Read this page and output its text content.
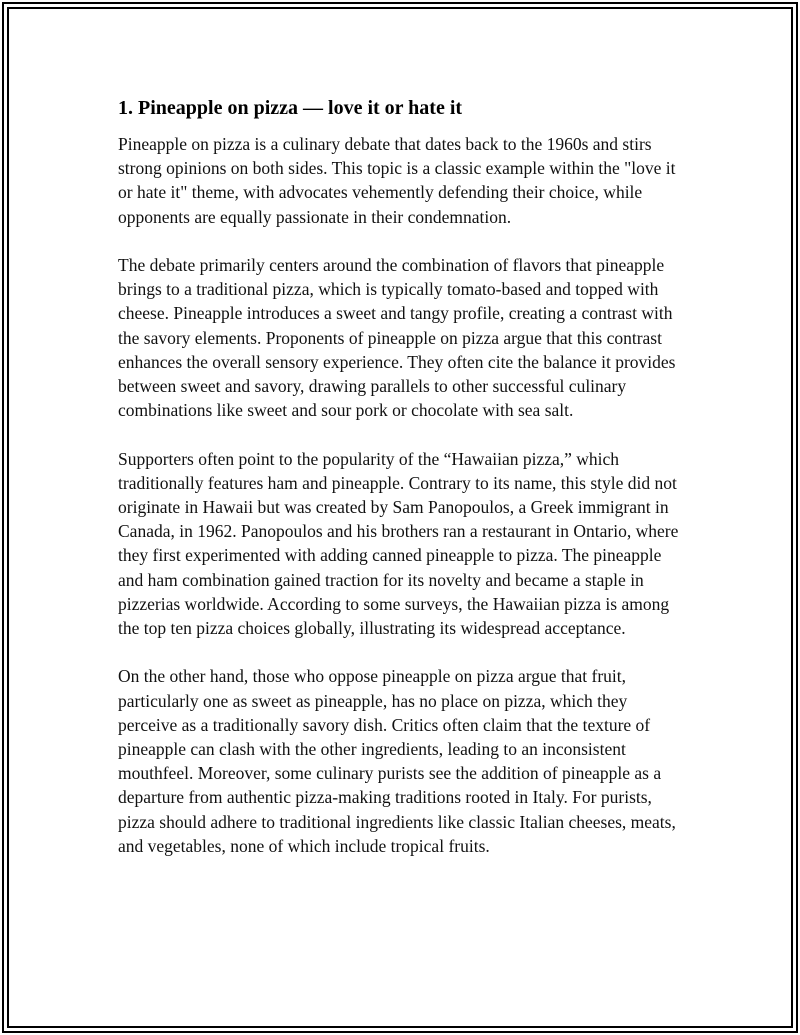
1. Pineapple on pizza — love it or hate it

Pineapple on pizza is a culinary debate that dates back to the 1960s and stirs strong opinions on both sides. This topic is a classic example within the "love it or hate it" theme, with advocates vehemently defending their choice, while opponents are equally passionate in their condemnation.

The debate primarily centers around the combination of flavors that pineapple brings to a traditional pizza, which is typically tomato-based and topped with cheese. Pineapple introduces a sweet and tangy profile, creating a contrast with the savory elements. Proponents of pineapple on pizza argue that this contrast enhances the overall sensory experience. They often cite the balance it provides between sweet and savory, drawing parallels to other successful culinary combinations like sweet and sour pork or chocolate with sea salt.

Supporters often point to the popularity of the “Hawaiian pizza,” which traditionally features ham and pineapple. Contrary to its name, this style did not originate in Hawaii but was created by Sam Panopoulos, a Greek immigrant in Canada, in 1962. Panopoulos and his brothers ran a restaurant in Ontario, where they first experimented with adding canned pineapple to pizza. The pineapple and ham combination gained traction for its novelty and became a staple in pizzerias worldwide. According to some surveys, the Hawaiian pizza is among the top ten pizza choices globally, illustrating its widespread acceptance.

On the other hand, those who oppose pineapple on pizza argue that fruit, particularly one as sweet as pineapple, has no place on pizza, which they perceive as a traditionally savory dish. Critics often claim that the texture of pineapple can clash with the other ingredients, leading to an inconsistent mouthfeel. Moreover, some culinary purists see the addition of pineapple as a departure from authentic pizza-making traditions rooted in Italy. For purists, pizza should adhere to traditional ingredients like classic Italian cheeses, meats, and vegetables, none of which include tropical fruits.
